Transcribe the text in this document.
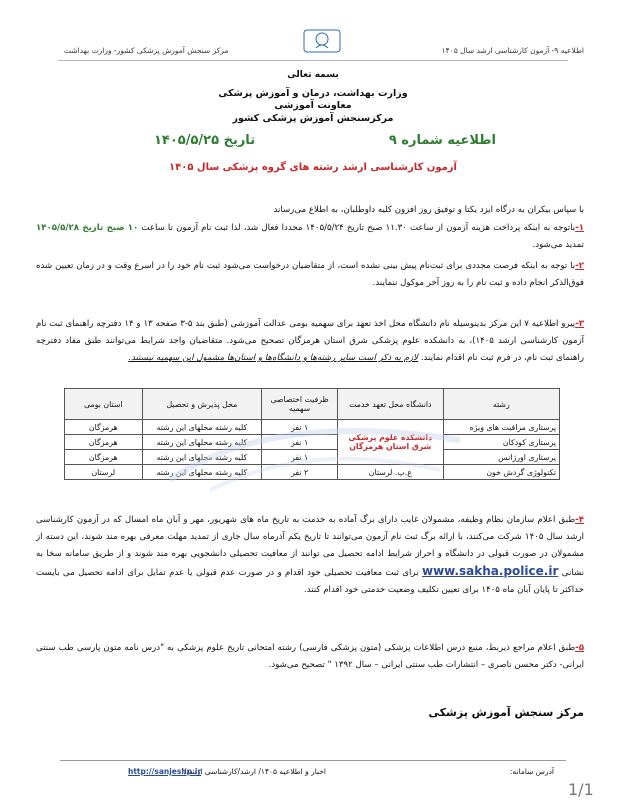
اطلاعیه ۹- آزمون کارشناسی ارشد سال ۱۴۰۵
مرکز سنجش آموزش پزشکی کشور- وزارت بهداشت
بسمه تعالی
وزارت بهداشت، درمان و آموزش پزشکی
معاونت آموزشی
مرکزسنجش آموزش پزشکی کشور
اطلاعیه شماره ۹
تاریخ ۱۴۰۵/۵/۲۵
آزمون کارشناسی ارشد رشته های گروه پزشکی سال ۱۴۰۵
با سپاس بیکران به درگاه ایزد یکتا و توفیق روز افزون کلیه داوطلبان، به اطلاع می‌رساند
۱-باتوجه به اینکه پرداخت هزینه آزمون از ساعت ۱۱.۳۰ صبح تاریخ ۱۴۰۵/۵/۲۴ مجددا فعال شد، لذا ثبت نام آزمون تا ساعت ۱۰ صبح تاریخ ۱۴۰۵/۵/۲۸ تمدید می‌شود.
۲-با توجه به اینکه فرصت مجددی برای ثبت‌نام پیش بینی نشده است، از متقاضیان درخواست می‌شود ثبت نام خود را در اسرع وقت و در زمان تعیین شده فوق‌الذکر انجام داده و ثبت نام را به روز آخر موکول ننمایند.
۳-پیرو اطلاعیه ۷ این مرکز بدینوسیله نام دانشگاه محل اخذ تعهد برای سهمیه بومی عدالت آموزشی (طبق بند ۵-۳ صفحه ۱۳ و ۱۴ دفترچه راهنمای ثبت نام آزمون کارشناسی ارشد ۱۴۰۵)، به دانشکده علوم پزشکی شرق استان هرمزگان تصحیح می‌شود. متقاضیان واجد شرایط می‌توانند طبق مفاد دفترچه راهنمای ثبت نام، در فرم ثبت نام اقدام نمایند. لازم به ذکر است سایر رشته‌ها و دانشگاه‌ها و استان‌ها مشمول این سهمیه نیستند.
رشته	دانشگاه محل تعهد خدمت	ظرفیت اختصاصی سهمیه	محل پذیرش و تحصیل	استان بومی
پرستاری مراقبت های ویژه	دانشکده علوم پزشکی شرق استان هرمزگان	۱ نفر	کلیه رشته محلهای این رشته	هرمزگان
پرستاری کودکان		۱ نفر	کلیه رشته محلهای این رشته	هرمزگان
پرستاری اورژانس		۱ نفر	کلیه رشته محلهای این رشته	هرمزگان
تکنولوژی گردش خون	ع.پ. لرستان	۲ نفر	کلیه رشته محلهای این رشته	لرستان
۴-طبق اعلام سازمان نظام وظیفه، مشمولان غایب دارای برگ آماده به خدمت به تاریخ ماه های شهریور، مهر و آبان ماه امسال که در آزمون کارشناسی ارشد سال ۱۴۰۵ شرکت می‌کنند، با ارائه برگ ثبت نام آزمون می‌توانند تا تاریخ یکم آذرماه سال جاری از تمدید مهلت معرفی بهره مند شوند، این دسته از مشمولان در صورت قبولی در دانشگاه و احراز شرایط ادامه تحصیل می توانند از معافیت تحصیلی دانشجویی بهره مند شوند و از طریق سامانه سخا به نشانی www.sakha.police.ir برای ثبت معافیت تحصیلی خود اقدام و در صورت عدم قبولی یا عدم تمایل برای ادامه تحصیل می بایست حداکثر تا پایان آبان ماه ۱۴۰۵ برای تعیین تکلیف وضعیت خدمتی خود اقدام کنند.
۵-طبق اعلام مراجع ذیربط، منبع درس اطلاعات پزشکی (متون پزشکی فارسی) رشته امتحانی تاریخ علوم پزشکی به "درس نامه متون پارسی طب سنتی ایرانی- دکتر محسن ناصری – انتشارات طب سنتی ایرانی – سال ۱۳۹۲ " تصحیح می‌شود.
مرکز سنجش آموزش پزشکی
آدرس سامانه:
اخبار و اطلاعیه ۱۴۰۵/ ارشد/کارشناسی ارشد/
http://sanjeshp.ir
1/1
